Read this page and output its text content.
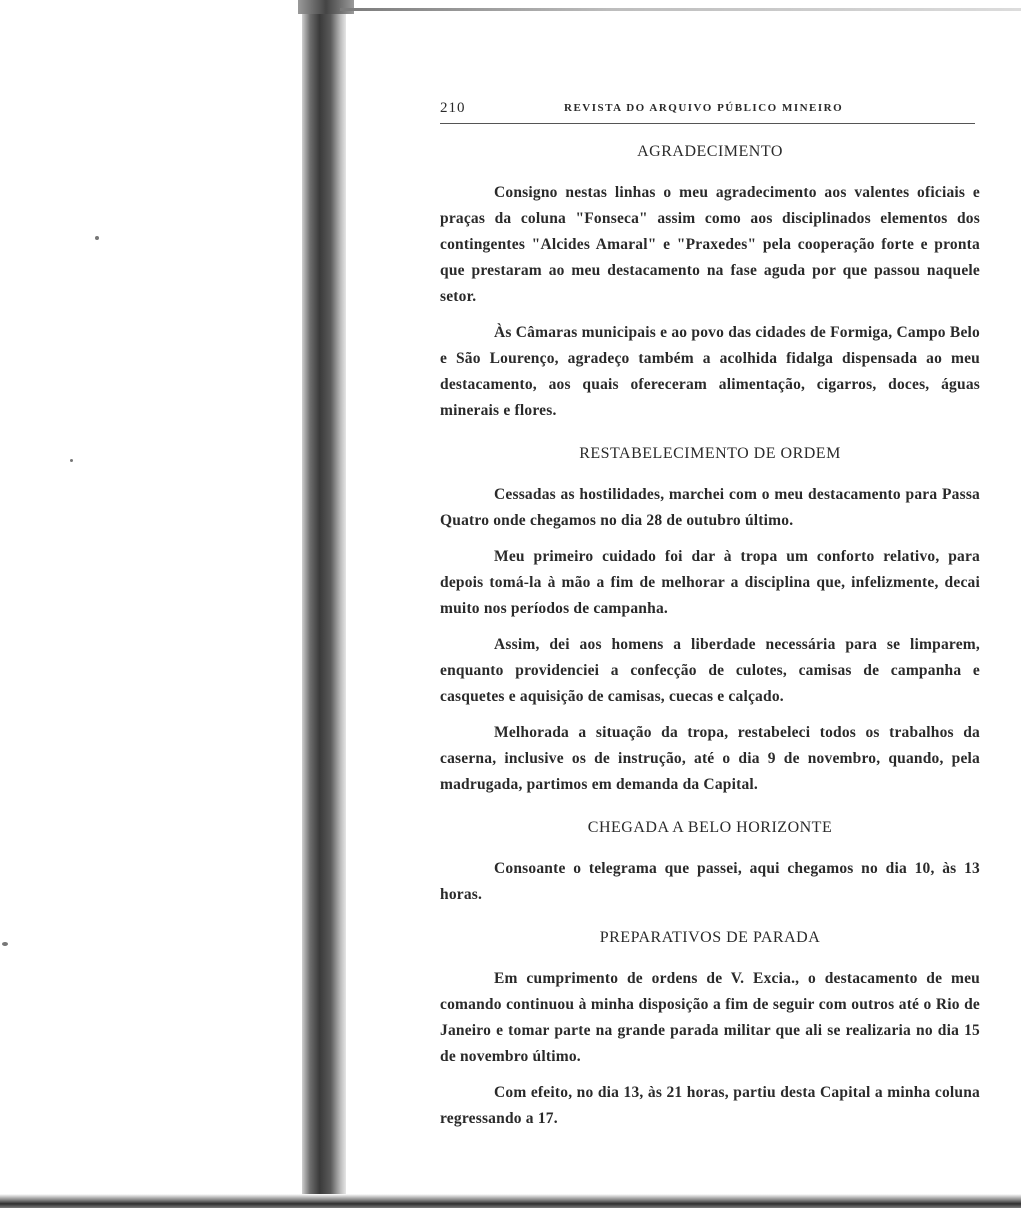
210	REVISTA DO ARQUIVO PÚBLICO MINEIRO
AGRADECIMENTO

Consigno nestas linhas o meu agradecimento aos valentes oficiais e praças da coluna "Fonseca" assim como aos disciplinados elementos dos contingentes "Alcides Amaral" e "Praxedes" pela cooperação forte e pronta que prestaram ao meu destacamento na fase aguda por que passou naquele setor.

Às Câmaras municipais e ao povo das cidades de Formiga, Campo Belo e São Lourenço, agradeço também a acolhida fidalga dispensada ao meu destacamento, aos quais ofereceram alimentação, cigarros, doces, águas minerais e flores.

RESTABELECIMENTO DE ORDEM

Cessadas as hostilidades, marchei com o meu destacamento para Passa Quatro onde chegamos no dia 28 de outubro último.

Meu primeiro cuidado foi dar à tropa um conforto relativo, para depois tomá-la à mão a fim de melhorar a disciplina que, infelizmente, decai muito nos períodos de campanha.

Assim, dei aos homens a liberdade necessária para se limparem, enquanto providenciei a confecção de culotes, camisas de campanha e casquetes e aquisição de camisas, cuecas e calçado.

Melhorada a situação da tropa, restabeleci todos os trabalhos da caserna, inclusive os de instrução, até o dia 9 de novembro, quando, pela madrugada, partimos em demanda da Capital.

CHEGADA A BELO HORIZONTE

Consoante o telegrama que passei, aqui chegamos no dia 10, às 13 horas.

PREPARATIVOS DE PARADA

Em cumprimento de ordens de V. Excia., o destacamento de meu comando continuou à minha disposição a fim de seguir com outros até o Rio de Janeiro e tomar parte na grande parada militar que ali se realizaria no dia 15 de novembro último.

Com efeito, no dia 13, às 21 horas, partiu desta Capital a minha coluna regressando a 17.
